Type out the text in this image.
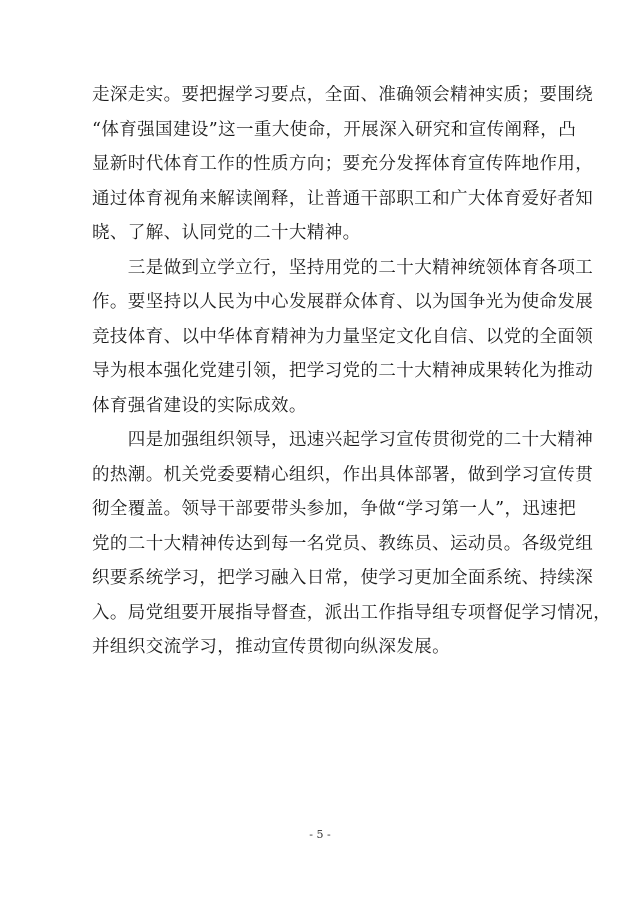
走深走实。要把握学习要点，全面、准确领会精神实质；要围绕
“体育强国建设”这一重大使命，开展深入研究和宣传阐释，凸
显新时代体育工作的性质方向；要充分发挥体育宣传阵地作用，
通过体育视角来解读阐释，让普通干部职工和广大体育爱好者知
晓、了解、认同党的二十大精神。
　　三是做到立学立行，坚持用党的二十大精神统领体育各项工
作。要坚持以人民为中心发展群众体育、以为国争光为使命发展
竞技体育、以中华体育精神为力量坚定文化自信、以党的全面领
导为根本强化党建引领，把学习党的二十大精神成果转化为推动
体育强省建设的实际成效。
　　四是加强组织领导，迅速兴起学习宣传贯彻党的二十大精神
的热潮。机关党委要精心组织，作出具体部署，做到学习宣传贯
彻全覆盖。领导干部要带头参加，争做“学习第一人”，迅速把
党的二十大精神传达到每一名党员、教练员、运动员。各级党组
织要系统学习，把学习融入日常，使学习更加全面系统、持续深
入。局党组要开展指导督查，派出工作指导组专项督促学习情况，
并组织交流学习，推动宣传贯彻向纵深发展。
- 5 -
